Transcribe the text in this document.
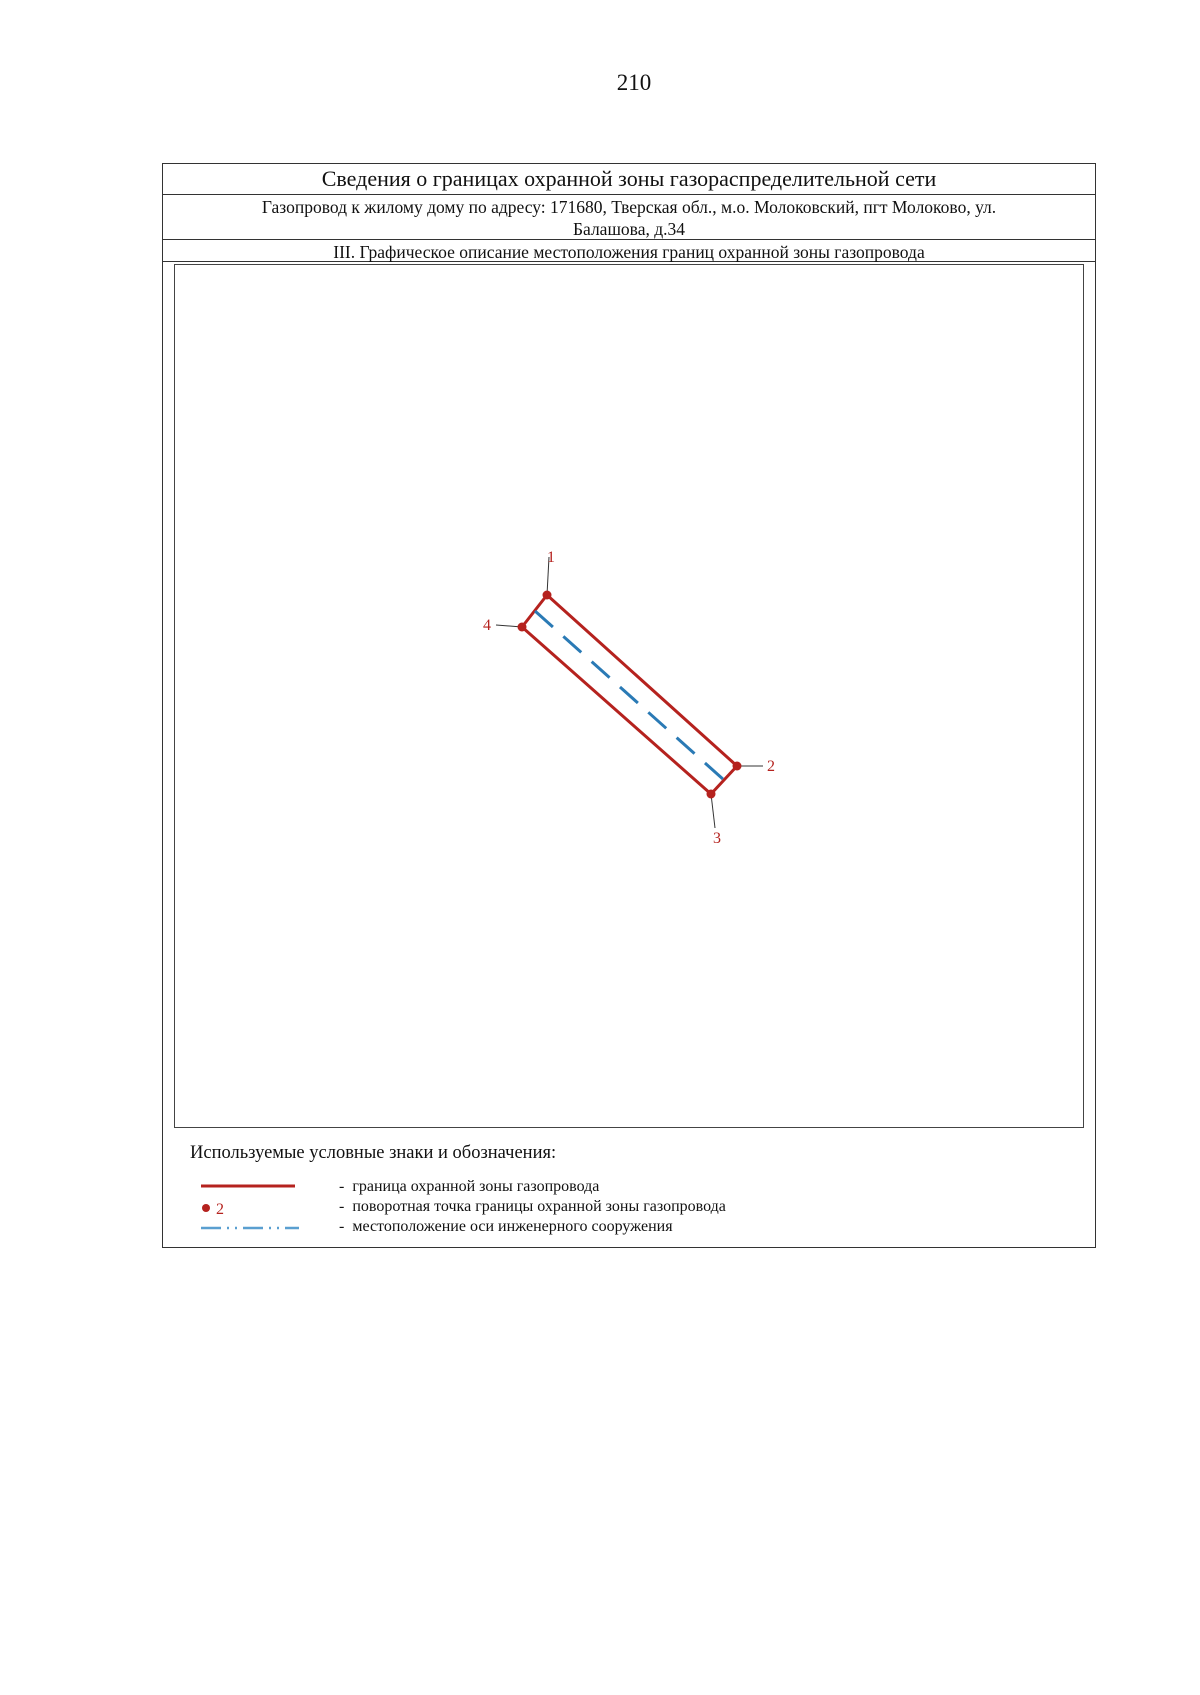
210
Сведения о границах охранной зоны газораспределительной сети
Газопровод к жилому дому по адресу: 171680, Тверская обл., м.о. Молоковский, пгт Молоково, ул.
Балашова, д.34
III. Графическое описание местоположения границ охранной зоны газопровода
1
2
3
4
Используемые условные знаки и обозначения:
- граница охранной зоны газопровода
2	- поворотная точка границы охранной зоны газопровода
- местоположение оси инженерного сооружения
